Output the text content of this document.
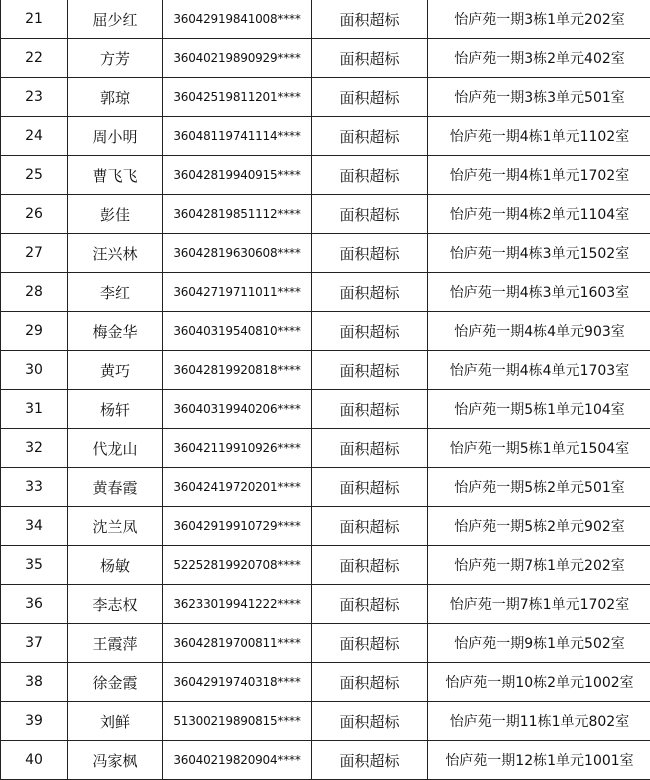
21	屈少红	36042919841008****	面积超标	怡庐苑一期3栋1单元202室
22	方芳	36040219890929****	面积超标	怡庐苑一期3栋2单元402室
23	郭琼	36042519811201****	面积超标	怡庐苑一期3栋3单元501室
24	周小明	36048119741114****	面积超标	怡庐苑一期4栋1单元1102室
25	曹飞飞	36042819940915****	面积超标	怡庐苑一期4栋1单元1702室
26	彭佳	36042819851112****	面积超标	怡庐苑一期4栋2单元1104室
27	汪兴林	36042819630608****	面积超标	怡庐苑一期4栋3单元1502室
28	李红	36042719711011****	面积超标	怡庐苑一期4栋3单元1603室
29	梅金华	36040319540810****	面积超标	怡庐苑一期4栋4单元903室
30	黄巧	36042819920818****	面积超标	怡庐苑一期4栋4单元1703室
31	杨轩	36040319940206****	面积超标	怡庐苑一期5栋1单元104室
32	代龙山	36042119910926****	面积超标	怡庐苑一期5栋1单元1504室
33	黄春霞	36042419720201****	面积超标	怡庐苑一期5栋2单元501室
34	沈兰凤	36042919910729****	面积超标	怡庐苑一期5栋2单元902室
35	杨敏	52252819920708****	面积超标	怡庐苑一期7栋1单元202室
36	李志权	36233019941222****	面积超标	怡庐苑一期7栋1单元1702室
37	王霞萍	36042819700811****	面积超标	怡庐苑一期9栋1单元502室
38	徐金霞	36042919740318****	面积超标	怡庐苑一期10栋2单元1002室
39	刘鲜	51300219890815****	面积超标	怡庐苑一期11栋1单元802室
40	冯家枫	36040219820904****	面积超标	怡庐苑一期12栋1单元1001室
